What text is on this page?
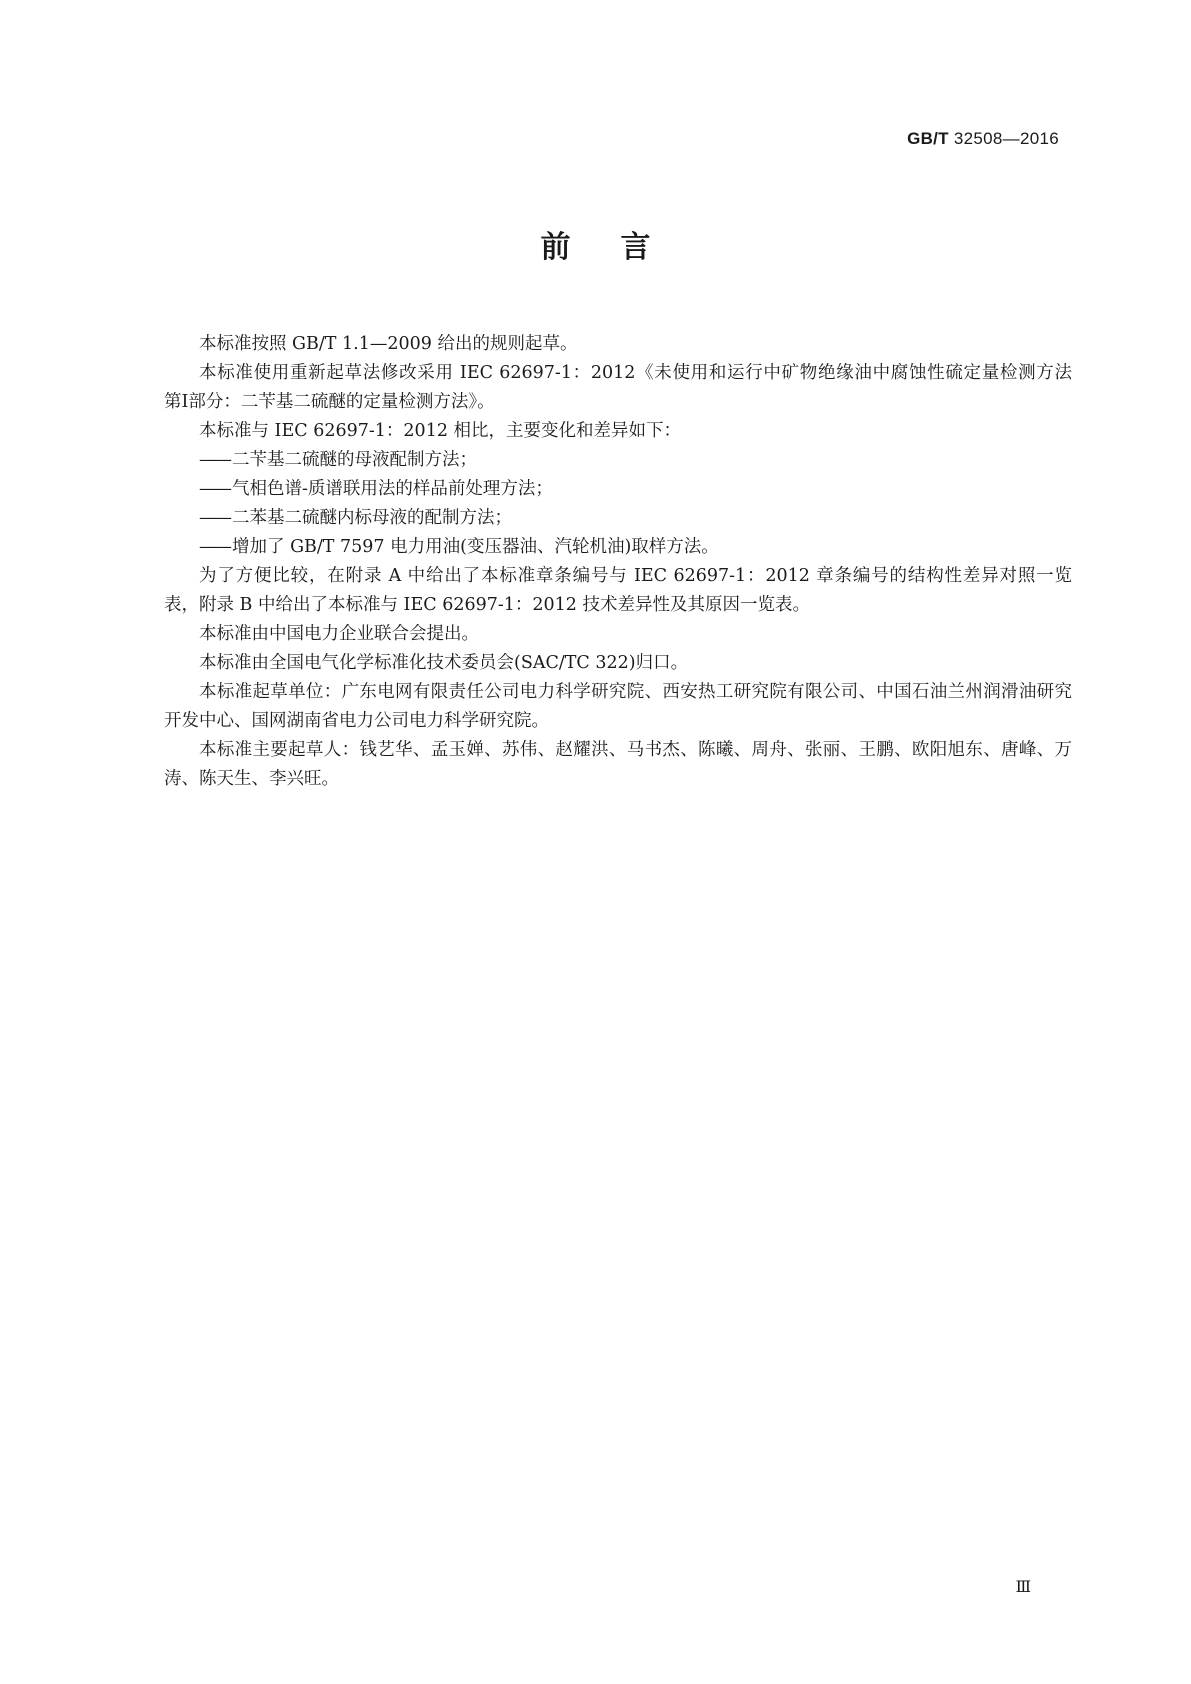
GB/T 32508—2016
前言

本标准按照 GB/T 1.1—2009 给出的规则起草。

本标准使用重新起草法修改采用 IEC 62697-1：2012《未使用和运行中矿物绝缘油中腐蚀性硫定量检测方法　第Ⅰ部分：二苄基二硫醚的定量检测方法》。

本标准与 IEC 62697-1：2012 相比，主要变化和差异如下：

—— 二苄基二硫醚的母液配制方法；

—— 气相色谱-质谱联用法的样品前处理方法；

—— 二苯基二硫醚内标母液的配制方法；

—— 增加了 GB/T 7597 电力用油(变压器油、汽轮机油)取样方法。

为了方便比较，在附录 A 中给出了本标准章条编号与 IEC 62697-1：2012 章条编号的结构性差异对照一览表，附录 B 中给出了本标准与 IEC 62697-1：2012 技术差异性及其原因一览表。

本标准由中国电力企业联合会提出。

本标准由全国电气化学标准化技术委员会(SAC/TC 322)归口。

本标准起草单位：广东电网有限责任公司电力科学研究院、西安热工研究院有限公司、中国石油兰州润滑油研究开发中心、国网湖南省电力公司电力科学研究院。

本标准主要起草人：钱艺华、孟玉婵、苏伟、赵耀洪、马书杰、陈曦、周舟、张丽、王鹏、欧阳旭东、唐峰、万涛、陈天生、李兴旺。

Ⅲ
